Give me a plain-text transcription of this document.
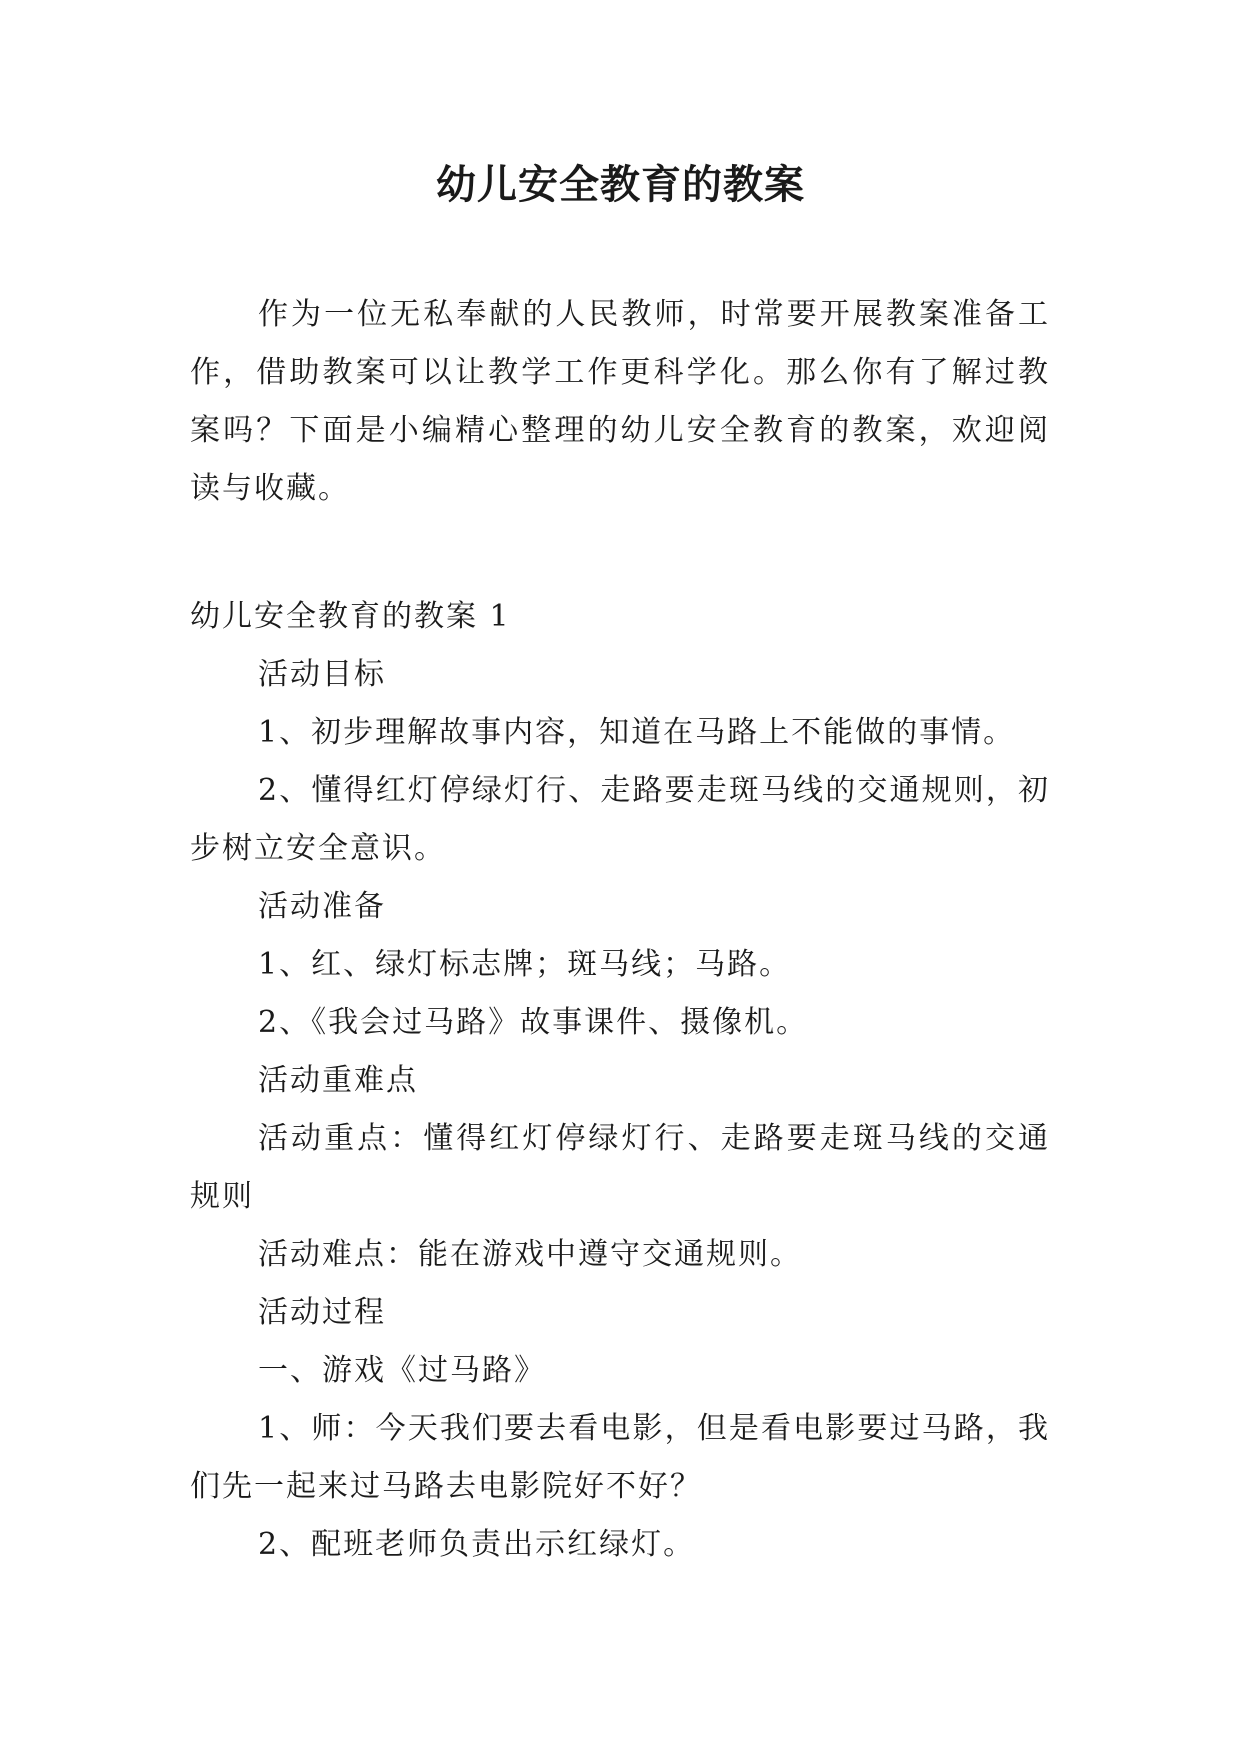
幼儿安全教育的教案

作为一位无私奉献的人民教师，时常要开展教案准备工作，借助教案可以让教学工作更科学化。那么你有了解过教案吗？下面是小编精心整理的幼儿安全教育的教案，欢迎阅读与收藏。

幼儿安全教育的教案 1

活动目标

1、初步理解故事内容，知道在马路上不能做的事情。

2、懂得红灯停绿灯行、走路要走斑马线的交通规则，初步树立安全意识。

活动准备

1、红、绿灯标志牌；斑马线；马路。

2、《我会过马路》故事课件、摄像机。

活动重难点

活动重点：懂得红灯停绿灯行、走路要走斑马线的交通规则

活动难点：能在游戏中遵守交通规则。

活动过程

一、游戏《过马路》

1、师：今天我们要去看电影，但是看电影要过马路，我们先一起来过马路去电影院好不好？

2、配班老师负责出示红绿灯。
